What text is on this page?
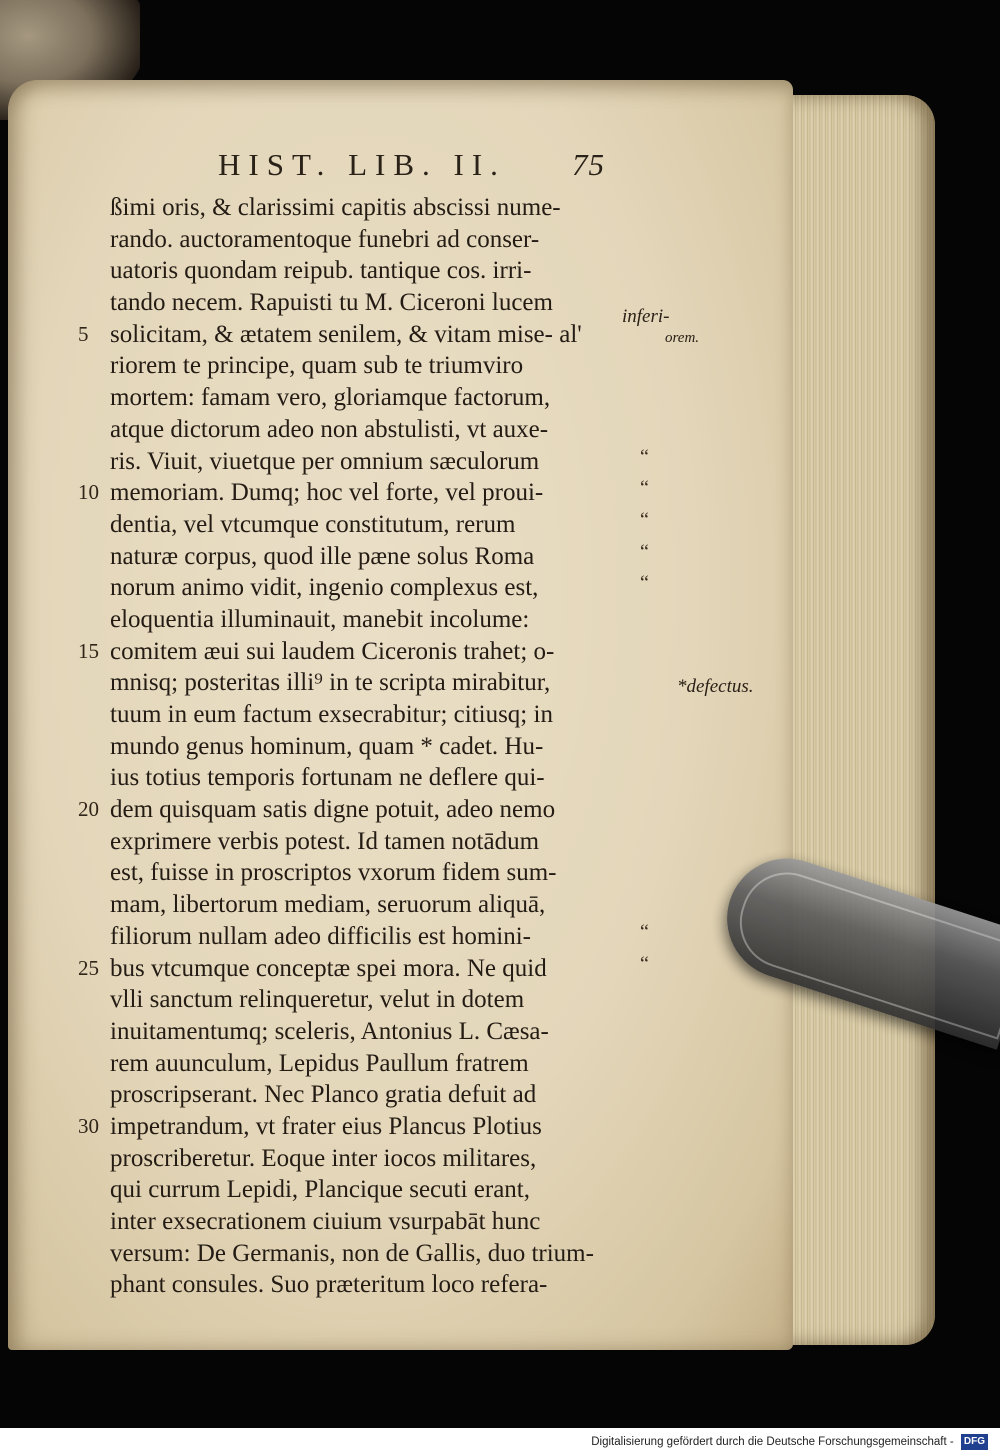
HIST. LIB. II. 75
ßimi oris, & clarissimi capitis abscissi nume-
rando. auctoramentoque funebri ad conser-
uatoris quondam reipub. tantique cos. irri-
tando necem. Rapuisti tu M. Ciceroni lucem
5 solicitam, & ætatem senilem, & vitam mise- al'
riorem te principe, quam sub te triumviro
mortem: famam vero, gloriamque factorum,
atque dictorum adeo non abstulisti, vt auxe-
ris. Viuit, viuetque per omnium sæculorum	“
10 memoriam. Dumq; hoc vel forte, vel proui-	“
dentia, vel vtcumque constitutum, rerum	“
naturæ corpus, quod ille pæne solus Roma	“
norum animo vidit, ingenio complexus est,	“
eloquentia illuminauit, manebit incolume:
15 comitem æui sui laudem Ciceronis trahet; o-
mnisq; posteritas illi⁹ in te scripta mirabitur,
tuum in eum factum exsecrabitur; citiusq; in
mundo genus hominum, quam * cadet. Hu-
ius totius temporis fortunam ne deflere qui-
20 dem quisquam satis digne potuit, adeo nemo
exprimere verbis potest. Id tamen notādum
est, fuisse in proscriptos vxorum fidem sum-
mam, libertorum mediam, seruorum aliquā,
filiorum nullam adeo difficilis est homini-	“
25 bus vtcumque conceptæ spei mora. Ne quid	“
vlli sanctum relinqueretur, velut in dotem
inuitamentumq; sceleris, Antonius L. Cæsa-
rem auunculum, Lepidus Paullum fratrem
proscripserant. Nec Planco gratia defuit ad
30 impetrandum, vt frater eius Plancus Plotius
proscriberetur. Eoque inter iocos militares,
qui currum Lepidi, Plancique secuti erant,
inter exsecrationem ciuium vsurpabāt hunc
versum: De Germanis, non de Gallis, duo trium-
phant consules. Suo præteritum loco refera-
inferi-
orem.
*defectus.
Digitalisierung gefördert durch die Deutsche Forschungsgemeinschaft - DFG
